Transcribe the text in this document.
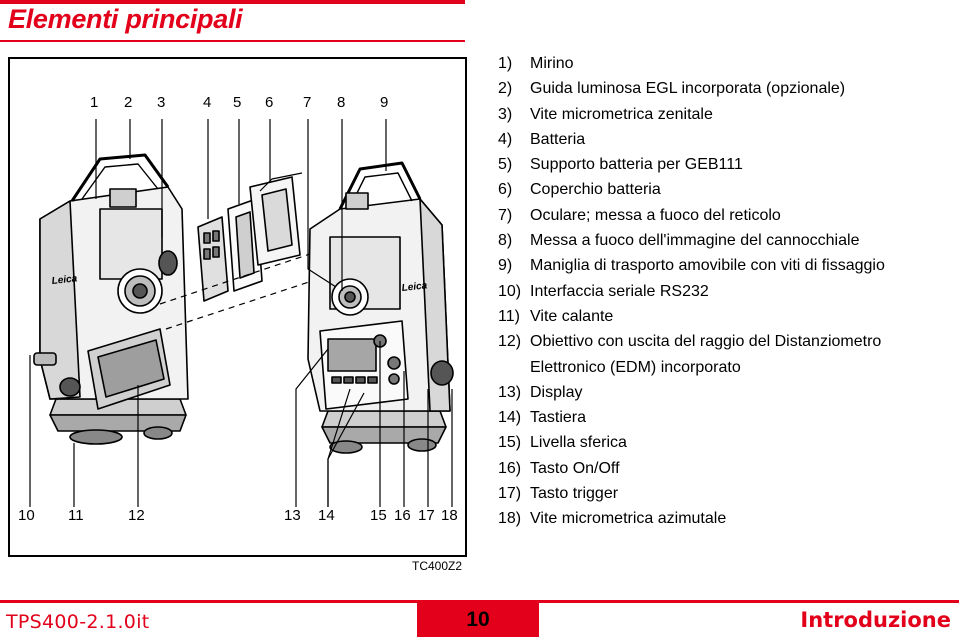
Elementi principali
Leica
Leica
1 2 3	4 5 6 7 8 9
10 11	12	13 14 15 16 17 18
TC400Z2
1)	Mirino
2)	Guida luminosa EGL incorporata (opzionale)
3)	Vite micrometrica zenitale
4)	Batteria
5)	Supporto batteria per GEB111
6)	Coperchio batteria
7)	Oculare; messa a fuoco del reticolo
8)	Messa a fuoco dell'immagine del cannocchiale
9)	Maniglia di trasporto amovibile con viti di fissaggio
10) Interfaccia seriale RS232
11) Vite calante
12) Obiettivo con uscita del raggio del Distanziometro Elettronico (EDM) incorporato
13) Display
14) Tastiera
15) Livella sferica
16) Tasto On/Off
17) Tasto trigger
18) Vite micrometrica azimutale
TPS400-2.1.0it	10	Introduzione
